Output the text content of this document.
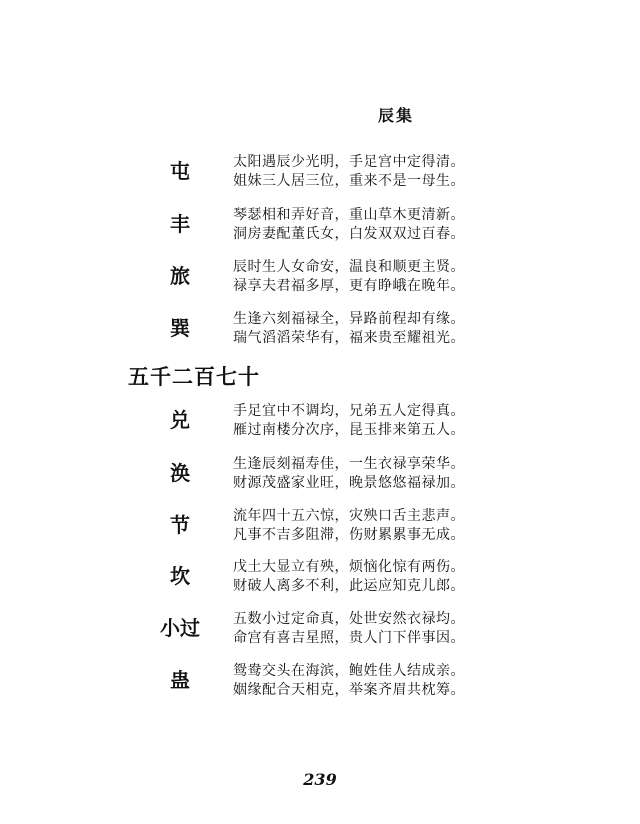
辰集
屯	太阳遇辰少光明，手足宫中定得清。
姐妹三人居三位，重来不是一母生。
丰	琴瑟相和弄好音，重山草木更清新。
洞房妻配董氏女，白发双双过百春。
旅	辰时生人女命安，温良和顺更主贤。
禄享夫君福多厚，更有睁峨在晚年。
巽	生逢六刻福禄全，异路前程却有缘。
瑞气滔滔荣华有，福来贵至耀祖光。
五千二百七十
兑	手足宜中不调均，兄弟五人定得真。
雁过南楼分次序，昆玉排来第五人。
涣	生逢辰刻福寿佳，一生衣禄享荣华。
财源茂盛家业旺，晚景悠悠福禄加。
节	流年四十五六惊，灾殃口舌主悲声。
凡事不吉多阻滞，伤财累累事无成。
坎	戊土大显立有殃，烦恼化惊有两伤。
财破人离多不利，此运应知克儿郎。
小过	五数小过定命真，处世安然衣禄均。
命宫有喜吉星照，贵人门下伴事因。
蛊	鸳鸯交头在海滨，鲍姓佳人结成亲。
姻缘配合天相克，举案齐眉共枕筹。
239
